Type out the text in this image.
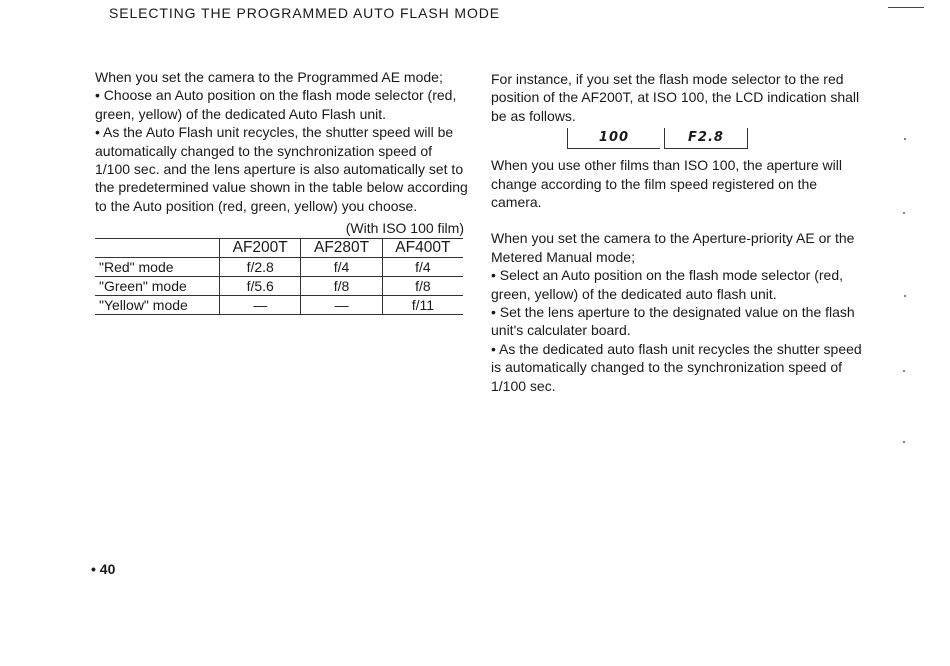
SELECTING THE PROGRAMMED AUTO FLASH MODE

When you set the camera to the Programmed AE mode;

• Choose an Auto position on the flash mode selector (red, green, yellow) of the dedicated Auto Flash unit.

• As the Auto Flash unit recycles, the shutter speed will be automatically changed to the synchronization speed of 1/100 sec. and the lens aperture is also automatically set to the predetermined value shown in the table below according to the Auto position (red, green, yellow) you choose.

(With ISO 100 film)
	AF200T	AF280T	AF400T
"Red" mode	f/2.8	f/4	f/4
"Green" mode	f/5.6	f/8	f/8
"Yellow" mode	—	—	f/11

For instance, if you set the flash mode selector to the red position of the AF200T, at ISO 100, the LCD indication shall be as follows.

100	F2.8

When you use other films than ISO 100, the aperture will change according to the film speed registered on the camera.

When you set the camera to the Aperture-priority AE or the Metered Manual mode;

• Select an Auto position on the flash mode selector (red, green, yellow) of the dedicated auto flash unit.

• Set the lens aperture to the designated value on the flash unit's calculater board.

• As the dedicated auto flash unit recycles the shutter speed is automatically changed to the synchronization speed of 1/100 sec.

• 40
